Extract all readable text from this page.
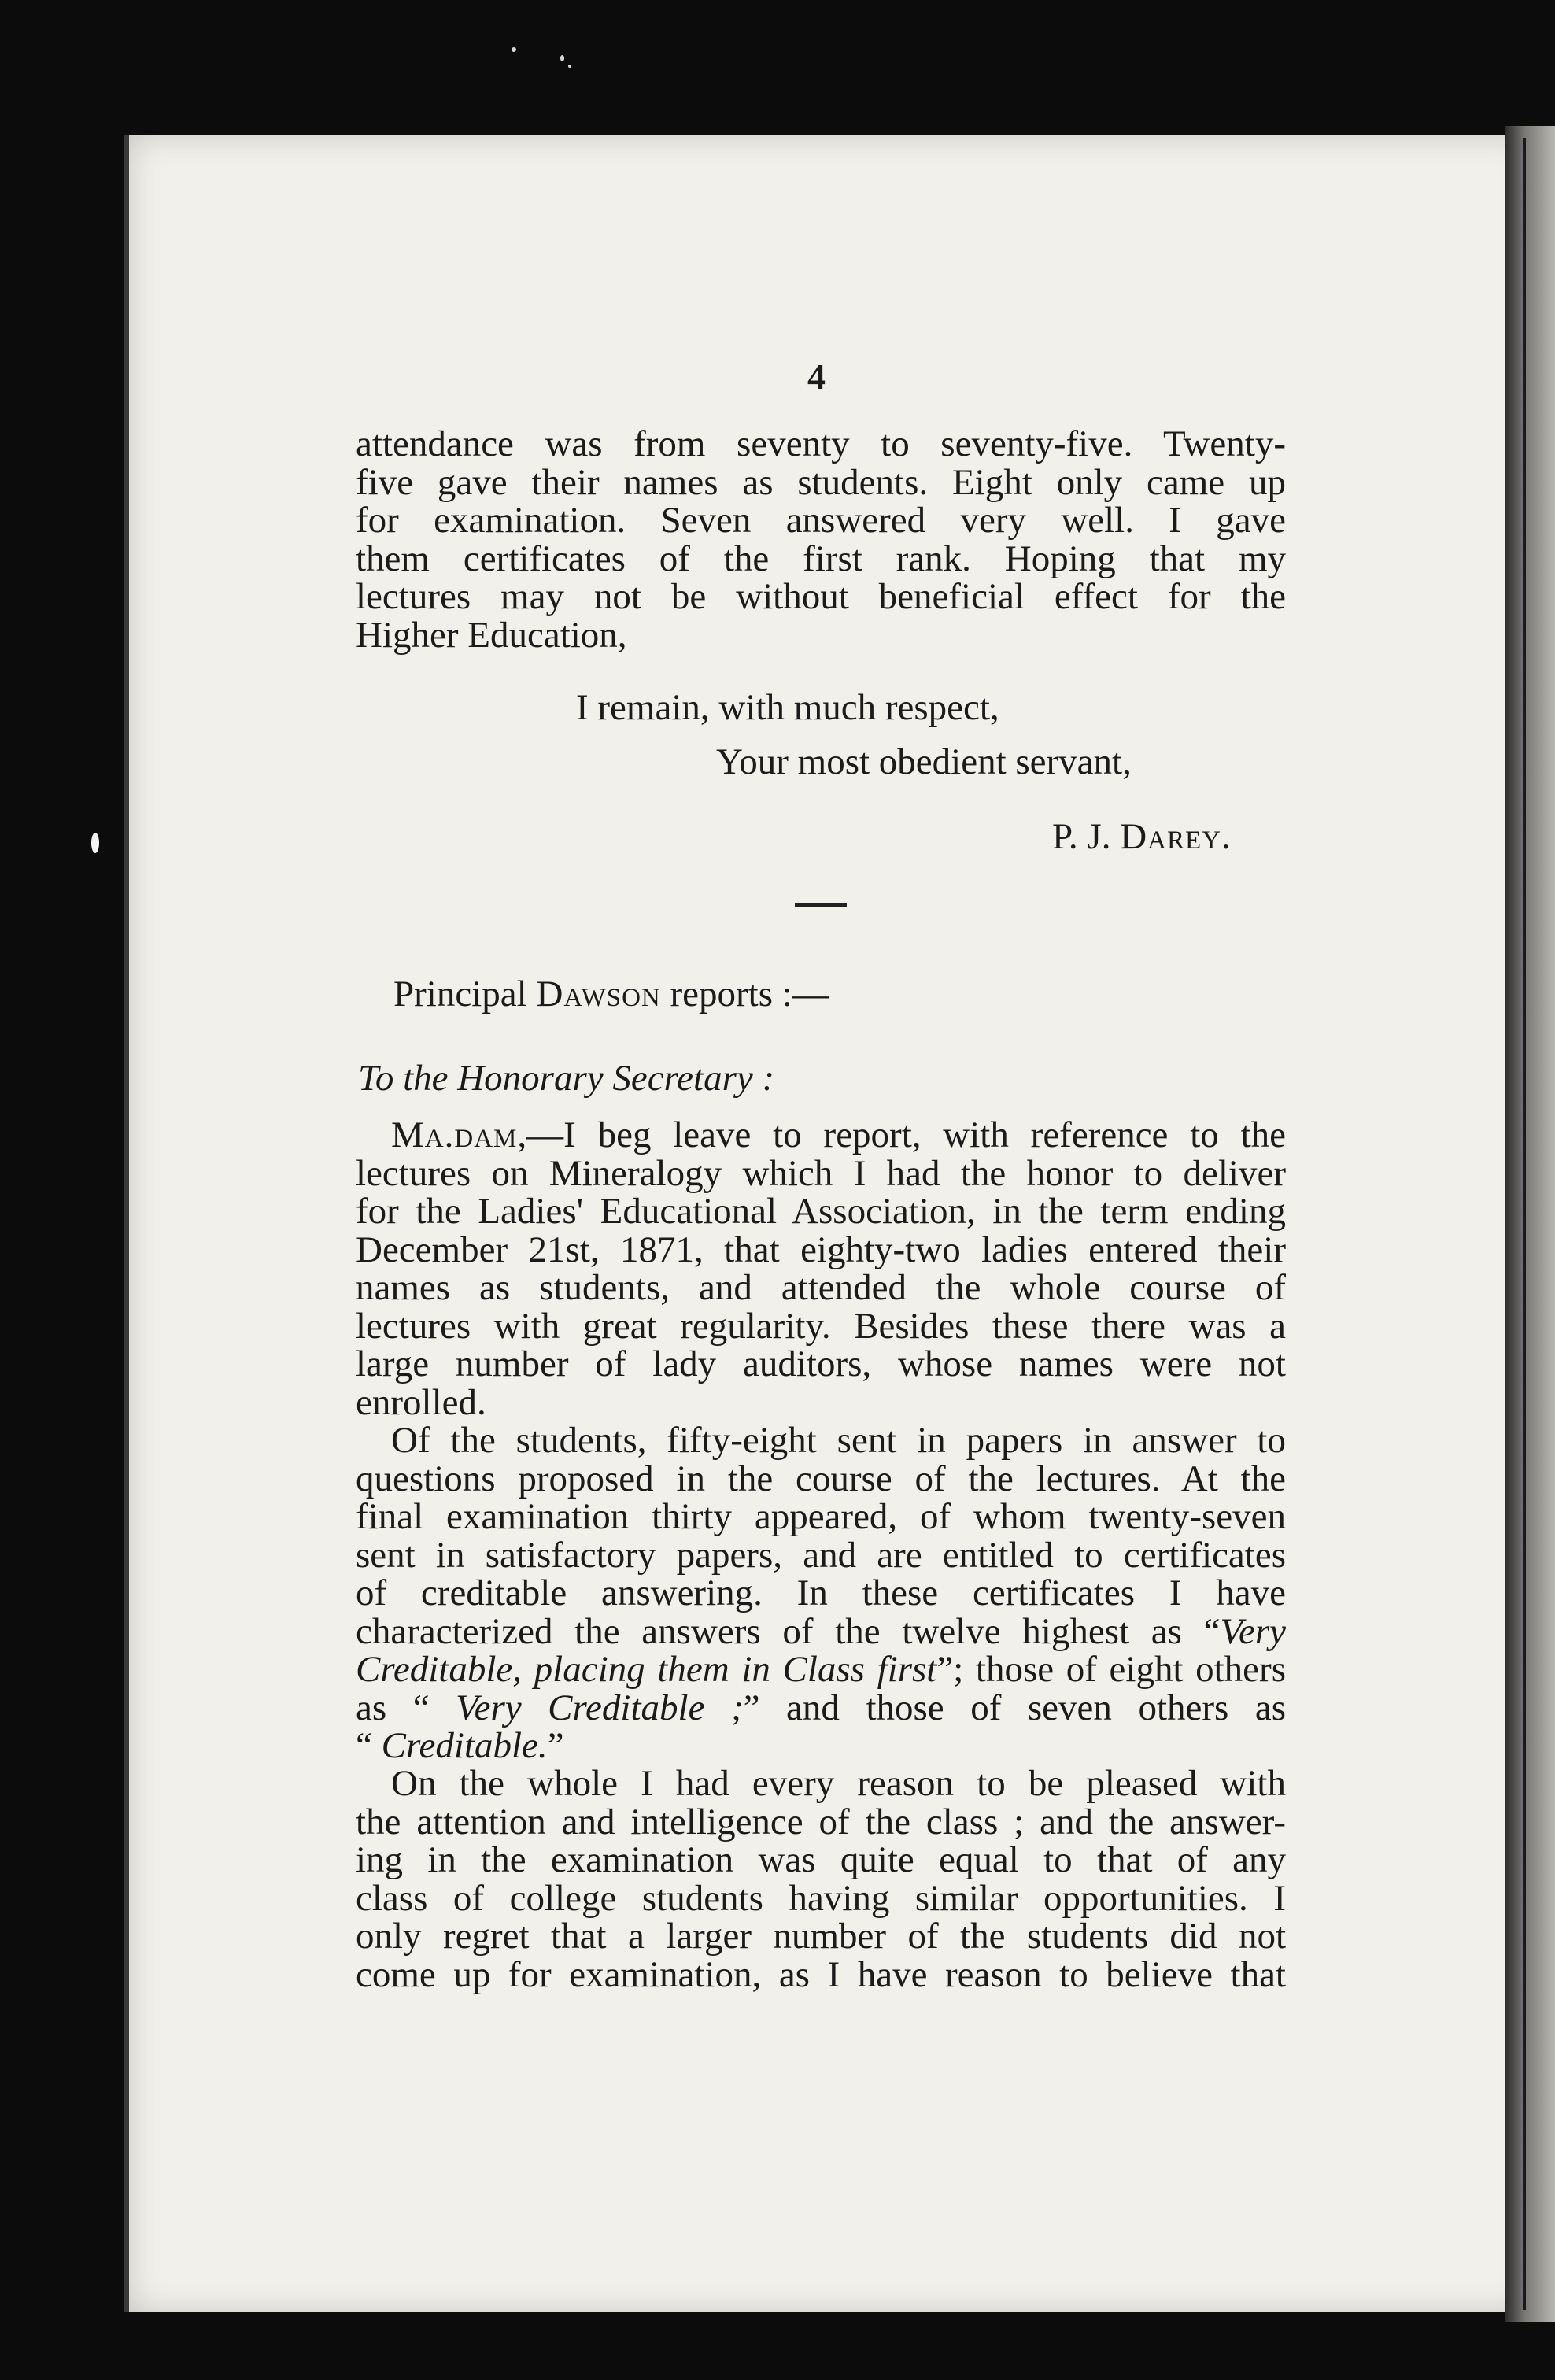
4
attendance was from seventy to seventy-five. Twenty-
five gave their names as students. Eight only came up
for examination. Seven answered very well. I gave
them certificates of the first rank. Hoping that my
lectures may not be without beneficial effect for the
Higher Education,
I remain, with much respect,
Your most obedient servant,
P. J. Darey.
Principal Dawson reports :—
To the Honorary Secretary :
Ma.dam,—I beg leave to report, with reference to the
lectures on Mineralogy which I had the honor to deliver
for the Ladies' Educational Association, in the term ending
December 21st, 1871, that eighty-two ladies entered their
names as students, and attended the whole course of
lectures with great regularity. Besides these there was a
large number of lady auditors, whose names were not
enrolled.
Of the students, fifty-eight sent in papers in answer to
questions proposed in the course of the lectures. At the
final examination thirty appeared, of whom twenty-seven
sent in satisfactory papers, and are entitled to certificates
of creditable answering. In these certificates I have
characterized the answers of the twelve highest as “Very
Creditable, placing them in Class first”; those of eight others
as “ Very Creditable ;” and those of seven others as
“ Creditable.”
On the whole I had every reason to be pleased with
the attention and intelligence of the class ; and the answer-
ing in the examination was quite equal to that of any
class of college students having similar opportunities. I
only regret that a larger number of the students did not
come up for examination, as I have reason to believe that
